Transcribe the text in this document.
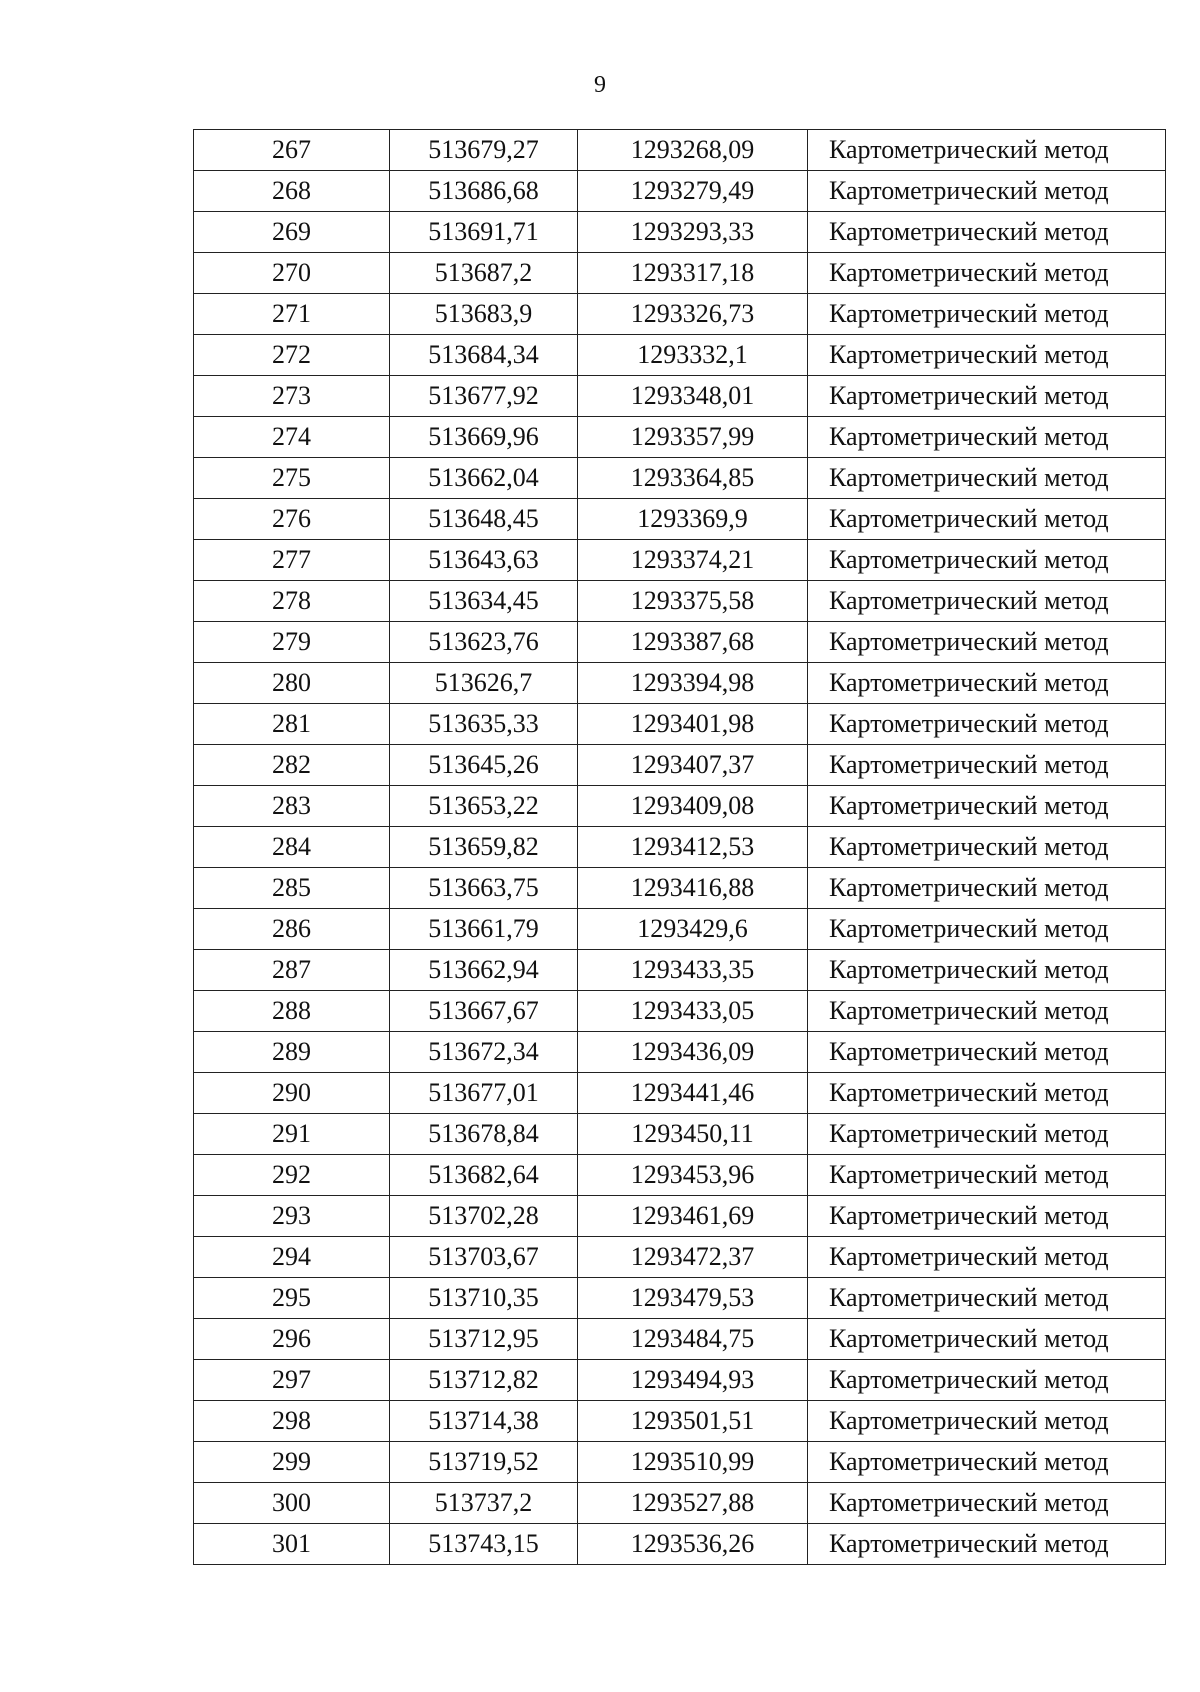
9
267	513679,27	1293268,09	Картометрический метод
268	513686,68	1293279,49	Картометрический метод
269	513691,71	1293293,33	Картометрический метод
270	513687,2	1293317,18	Картометрический метод
271	513683,9	1293326,73	Картометрический метод
272	513684,34	1293332,1	Картометрический метод
273	513677,92	1293348,01	Картометрический метод
274	513669,96	1293357,99	Картометрический метод
275	513662,04	1293364,85	Картометрический метод
276	513648,45	1293369,9	Картометрический метод
277	513643,63	1293374,21	Картометрический метод
278	513634,45	1293375,58	Картометрический метод
279	513623,76	1293387,68	Картометрический метод
280	513626,7	1293394,98	Картометрический метод
281	513635,33	1293401,98	Картометрический метод
282	513645,26	1293407,37	Картометрический метод
283	513653,22	1293409,08	Картометрический метод
284	513659,82	1293412,53	Картометрический метод
285	513663,75	1293416,88	Картометрический метод
286	513661,79	1293429,6	Картометрический метод
287	513662,94	1293433,35	Картометрический метод
288	513667,67	1293433,05	Картометрический метод
289	513672,34	1293436,09	Картометрический метод
290	513677,01	1293441,46	Картометрический метод
291	513678,84	1293450,11	Картометрический метод
292	513682,64	1293453,96	Картометрический метод
293	513702,28	1293461,69	Картометрический метод
294	513703,67	1293472,37	Картометрический метод
295	513710,35	1293479,53	Картометрический метод
296	513712,95	1293484,75	Картометрический метод
297	513712,82	1293494,93	Картометрический метод
298	513714,38	1293501,51	Картометрический метод
299	513719,52	1293510,99	Картометрический метод
300	513737,2	1293527,88	Картометрический метод
301	513743,15	1293536,26	Картометрический метод
